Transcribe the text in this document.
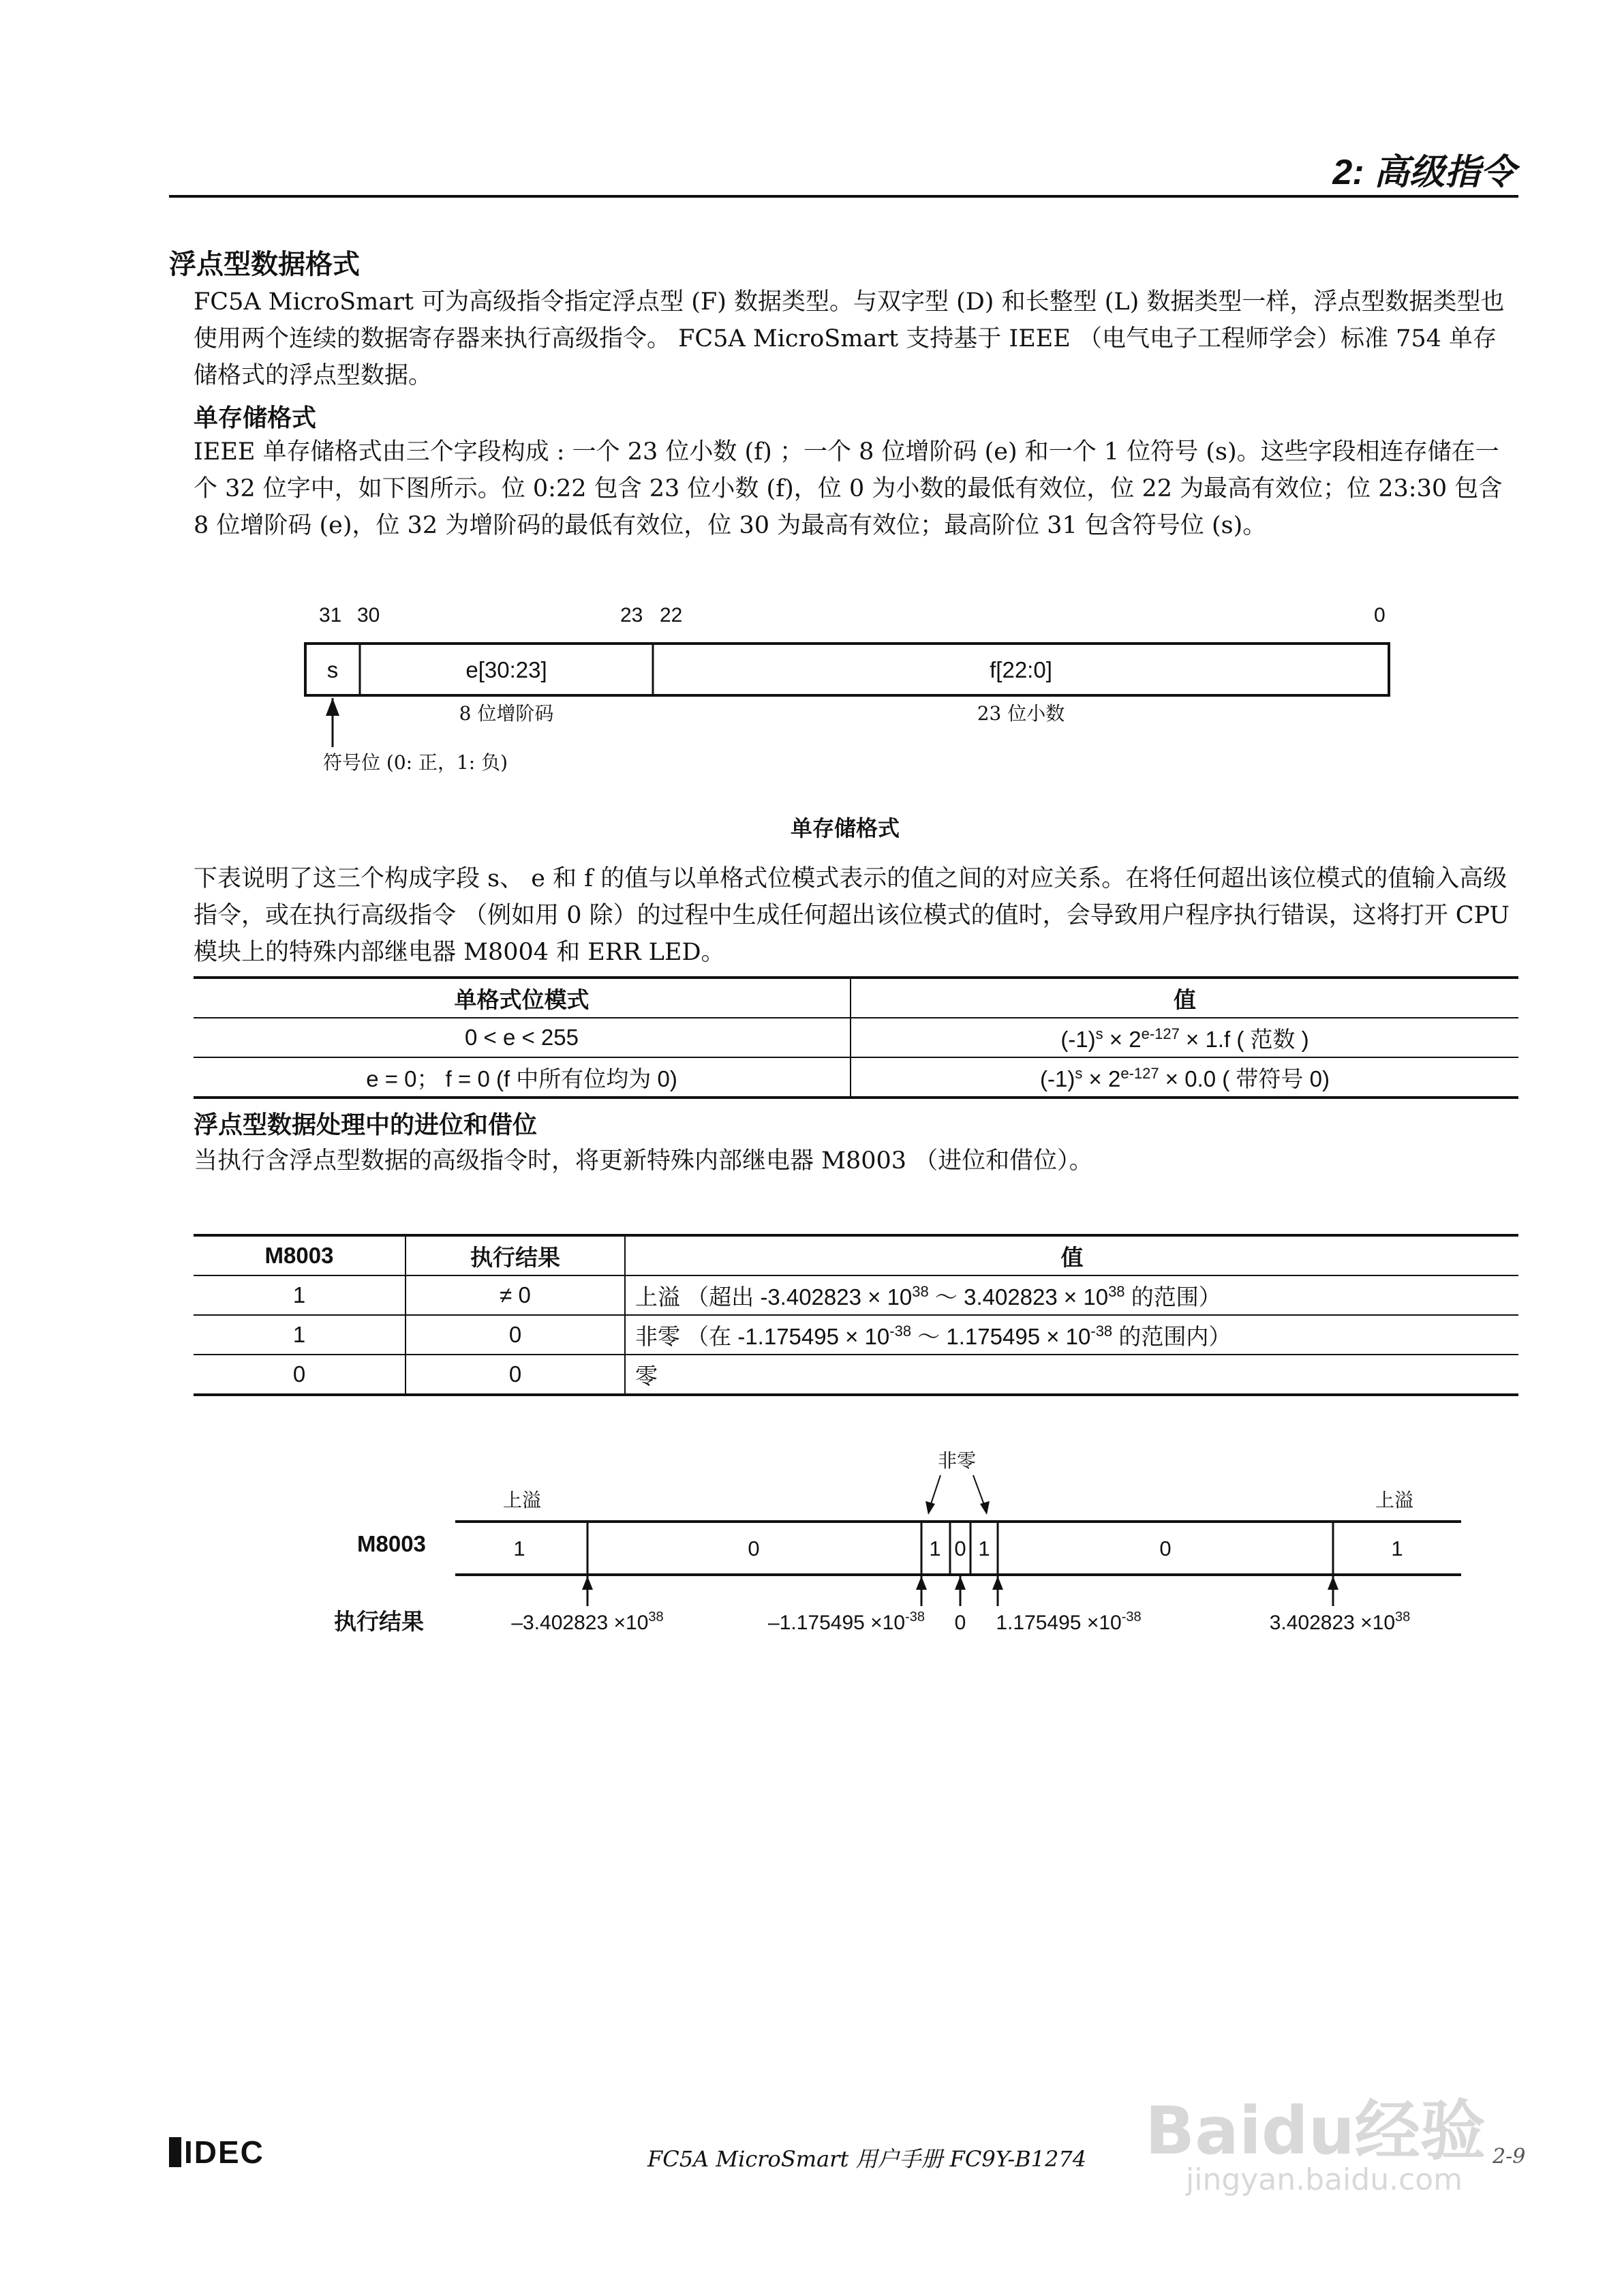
2: 高级指令
浮点型数据格式
FC5A MicroSmart 可为高级指令指定浮点型 (F) 数据类型。与双字型 (D) 和长整型 (L) 数据类型一样，浮点型数据类型也使用两个连续的数据寄存器来执行高级指令。 FC5A MicroSmart 支持基于 IEEE （电气电子工程师学会）标准 754 单存储格式的浮点型数据。
单存储格式
IEEE 单存储格式由三个字段构成 : 一个 23 位小数 (f) ；一个 8 位增阶码 (e) 和一个 1 位符号 (s)。这些字段相连存储在一个 32 位字中，如下图所示。位 0:22 包含 23 位小数 (f)，位 0 为小数的最低有效位，位 22 为最高有效位；位 23:30 包含 8 位增阶码 (e)，位 32 为增阶码的最低有效位，位 30 为最高有效位；最高阶位 31 包含符号位 (s)。
31 30	23 22	0
s	e[30:23]	f[22:0]
8 位增阶码	23 位小数
符号位 (0: 正，1: 负)
单存储格式
下表说明了这三个构成字段 s、 e 和 f 的值与以单格式位模式表示的值之间的对应关系。在将任何超出该位模式的值输入高级指令，或在执行高级指令 （例如用 0 除）的过程中生成任何超出该位模式的值时，会导致用户程序执行错误，这将打开 CPU 模块上的特殊内部继电器 M8004 和 ERR LED。
单格式位模式	值
0 < e < 255	$(-1)^s \times 2^{e-127} \times 1.f$ ( 范数 )
e = 0； f = 0 (f 中所有位均为 0)	$(-1)^s \times 2^{e-127} \times 0.0$ ( 带符号 0)
浮点型数据处理中的进位和借位
当执行含浮点型数据的高级指令时，将更新特殊内部继电器 M8003 （进位和借位）。
M8003	执行结果	值
1	≠ 0	上溢 （超出 $-3.402823 \times 10^{38}$ ～ $3.402823 \times 10^{38}$ 的范围）
1	0	非零 （在 $-1.175495 \times 10^{-38}$ ～ $1.175495 \times 10^{-38}$ 的范围内）
0	0	零
上溢	上溢
非零
M8003	1	0	1 0 1	0	1
执行结果	$-3.402823 \times 10^{38}$	$-1.175495 \times 10^{-38}$ 0 $1.175495 \times 10^{-38}$	$3.402823 \times 10^{38}$
Baidu经验
jingyan.baidu.com
IDEC	FC5A MicroSmart 用户手册 FC9Y-B1274	2-9
